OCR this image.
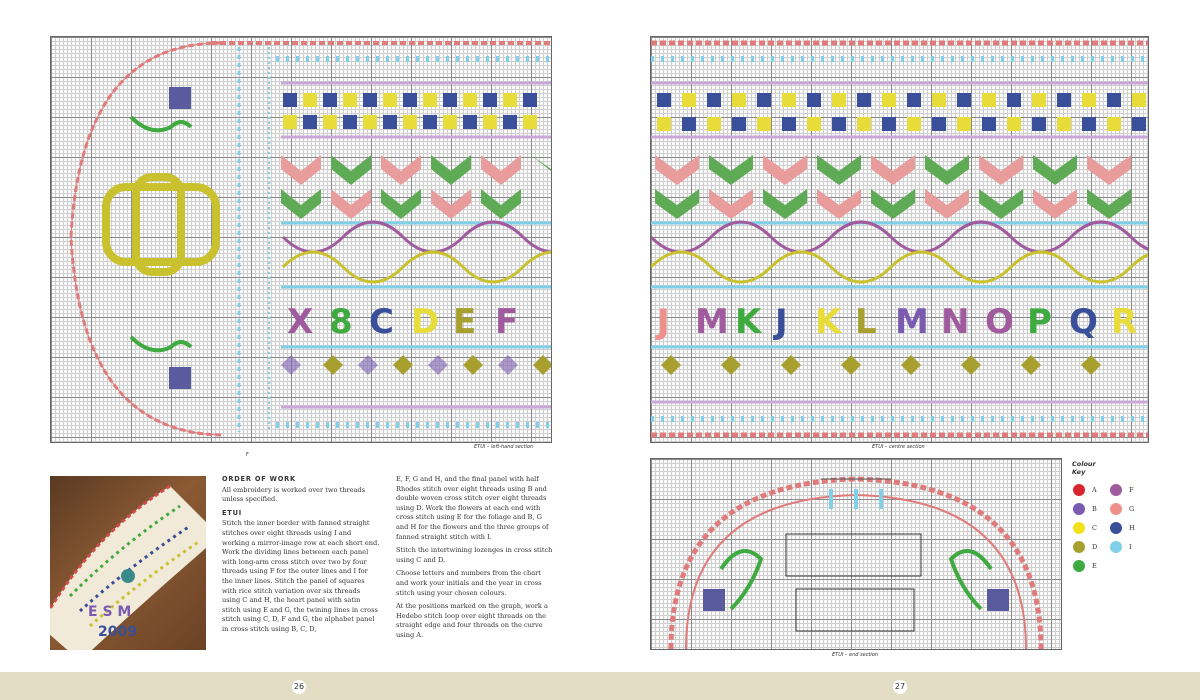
X 8 C D E F
ETUI – left-hand section
F
J M K J K L M N O P Q R
ETUI – centre section
ETUI – end section
E S M
2009
ORDER OF WORK

All embroidery is worked over two threads unless specified.

ETUI

Stitch the inner border with fanned straight stitches over eight threads using I and working a mirror-image row at each short end. Work the dividing lines between each panel with long-arm cross stitch over two by four threads using F for the outer lines and I for the inner lines. Stitch the panel of squares with rice stitch variation over six threads using C and H, the heart panel with satin stitch using E and G, the twining lines in cross stitch using C, D, F and G, the alphabet panel in cross stitch using B, C, D,

E, F, G and H, and the final panel with half Rhodes stitch over eight threads using B and double woven cross stitch over eight threads using D. Work the flowers at each end with cross stitch using E for the foliage and B, G and H for the flowers and the three groups of fanned straight stitch with I.

Stitch the intertwining lozenges in cross stitch using C and D.

Choose letters and numbers from the chart and work your initials and the year in cross stitch using your chosen colours.

At the positions marked on the graph, work a Hedebo stitch loop over eight threads on the straight edge and four threads on the curve using A.

Colour
Key
A	F
B	G
C	H
D	I
E
26	27
